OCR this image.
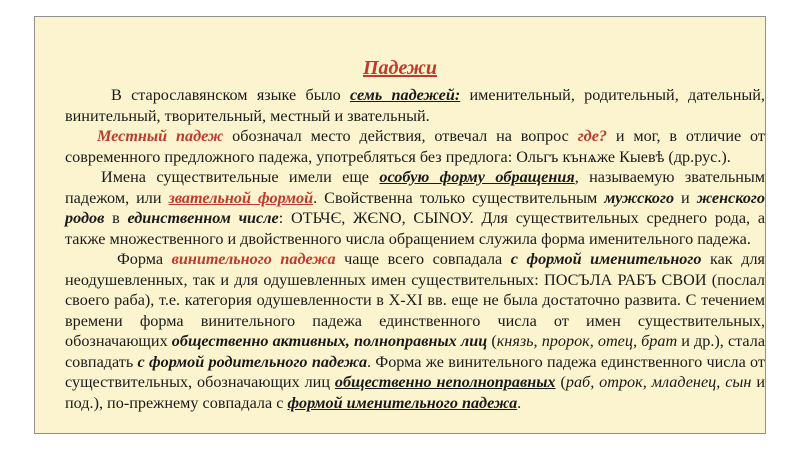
Падежи

В старославянском языке было семь падежей: именительный, родительный, дательный, винительный, творительный, местный и звательный.

Местный падеж обозначал место действия, отвечал на вопрос где? и мог, в отличие от современного предложного падежа, употребляться без предлога: Ольгъ кънѧже Кыевѣ (др.рус.).

Имена существительные имели еще особую форму обращения, называемую звательным падежом, или звательной формой. Свойственна только существительным мужского и женского родов в единственном числе: ОТЬЧЄ, ЖЄNО, СЫNОУ. Для существительных среднего рода, а также множественного и двойственного числа обращением служила форма именительного падежа.

Форма винительного падежа чаще всего совпадала с формой именительного как для неодушевленных, так и для одушевленных имен существительных: ПОСЪЛА РАБЪ СВОИ (послал своего раба), т.е. категория одушевленности в X-XI вв. еще не была достаточно развита. С течением времени форма винительного падежа единственного числа от имен существительных, обозначающих общественно активных, полноправных лиц (князь, пророк, отец, брат и др.), стала совпадать с формой родительного падежа. Форма же винительного падежа единственного числа от существительных, обозначающих лиц общественно неполноправных (раб, отрок, младенец, сын и под.), по-прежнему совпадала с формой именительного падежа.
